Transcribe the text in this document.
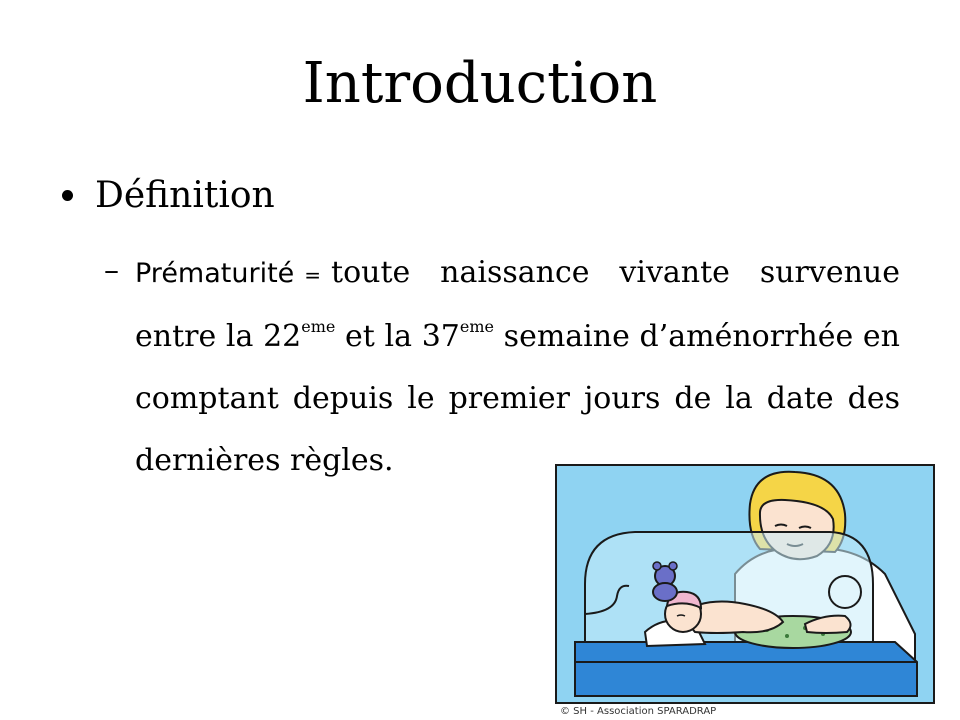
Introduction
Définition
– Prématurité = toute naissance vivante survenue entre la 22eme et la 37eme semaine d’aménorrhée en comptant depuis le premier jours de la date des dernières règles.
© SH - Association SPARADRAP
